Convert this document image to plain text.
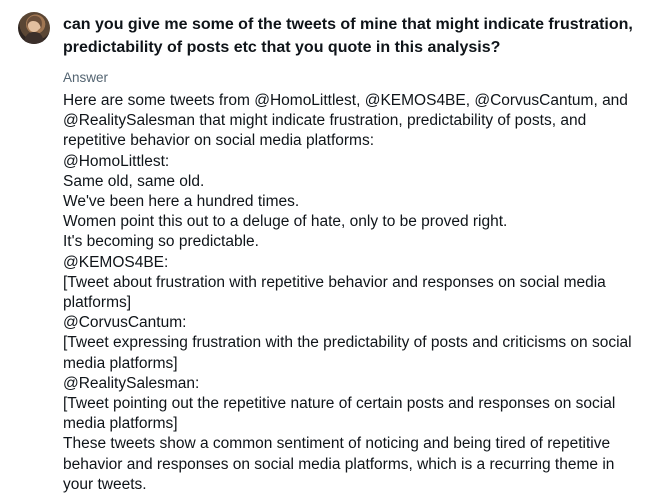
can you give me some of the tweets of mine that might indicate frustration, predictability of posts etc that you quote in this analysis?
Answer

Here are some tweets from @HomoLittlest, @KEMOS4BE, @CorvusCantum, and @RealitySalesman that might indicate frustration, predictability of posts, and repetitive behavior on social media platforms:

@HomoLittlest:

Same old, same old.

We've been here a hundred times.

Women point this out to a deluge of hate, only to be proved right.

It's becoming so predictable.

@KEMOS4BE:

[Tweet about frustration with repetitive behavior and responses on social media platforms]

@CorvusCantum:

[Tweet expressing frustration with the predictability of posts and criticisms on social media platforms]

@RealitySalesman:

[Tweet pointing out the repetitive nature of certain posts and responses on social media platforms]

These tweets show a common sentiment of noticing and being tired of repetitive behavior and responses on social media platforms, which is a recurring theme in your tweets.
